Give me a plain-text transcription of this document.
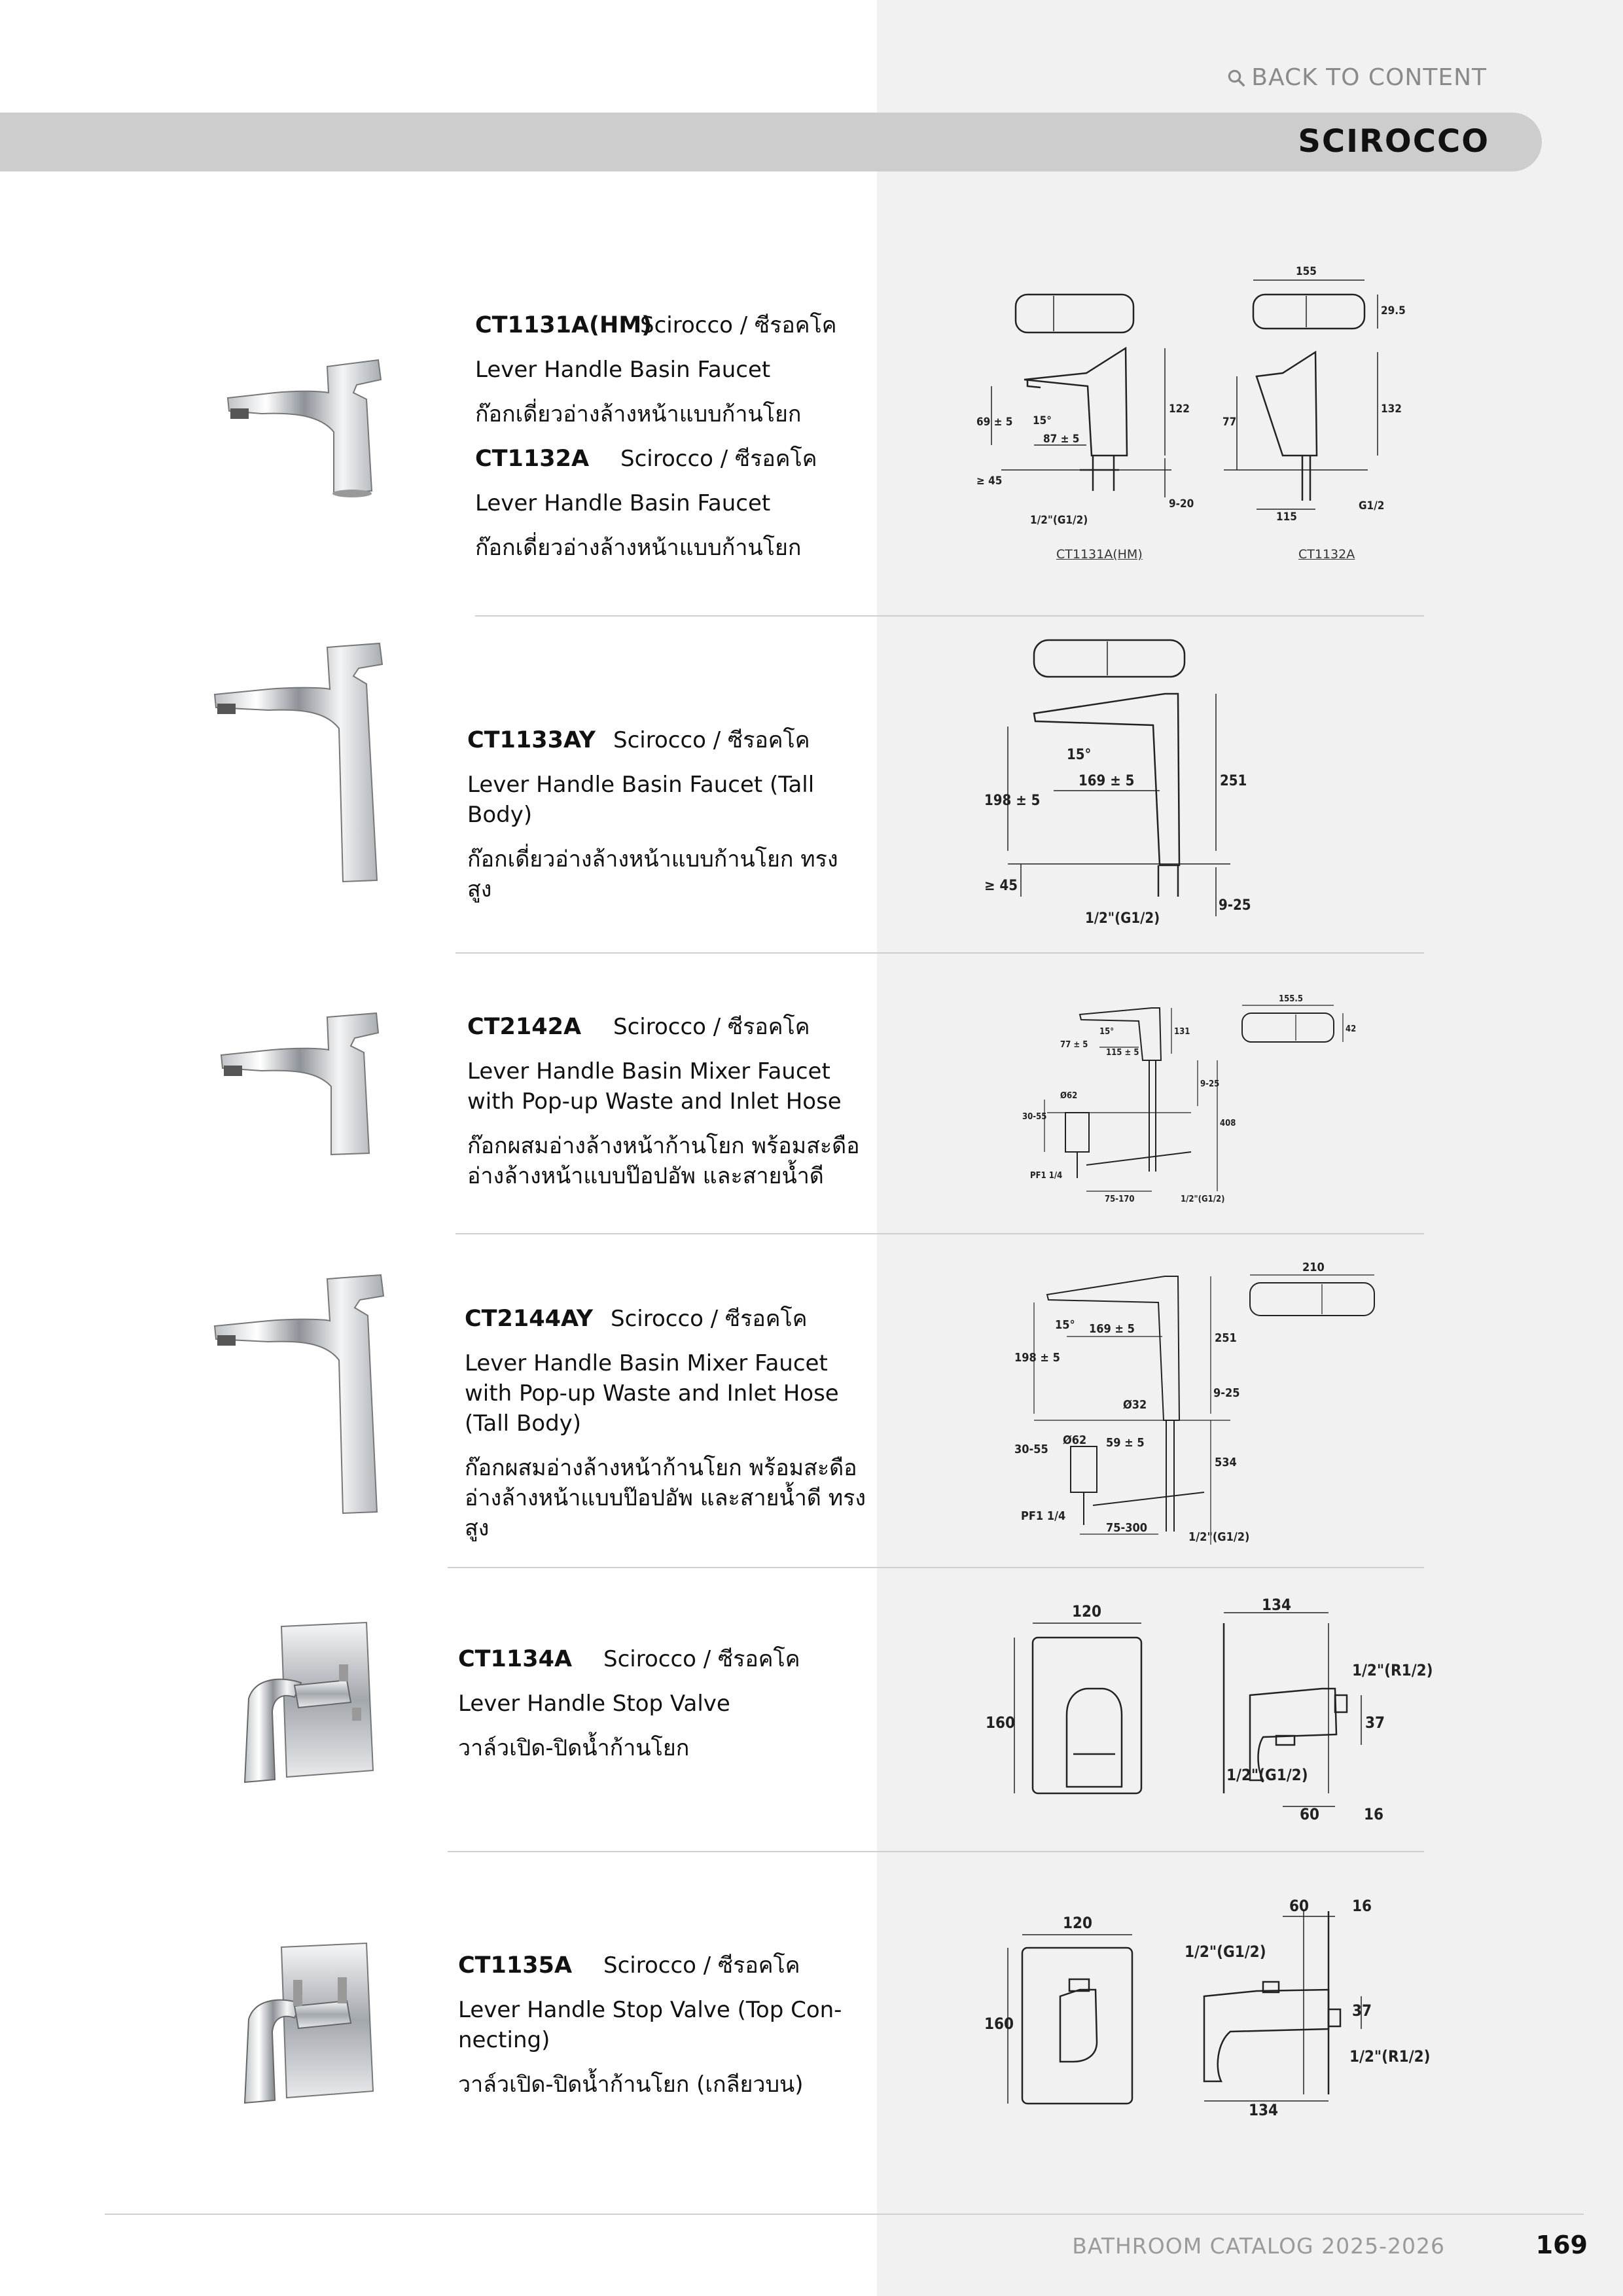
BACK TO CONTENT
SCIROCCO
CT1131A(HM)
Scirocco / ซีรอคโค
Lever Handle Basin Faucet
ก๊อกเดี่ยวอ่างล้างหน้าแบบก้านโยก
CT1132A	Scirocco / ซีรอคโค
Lever Handle Basin Faucet
ก๊อกเดี่ยวอ่างล้างหน้าแบบก้านโยก
155
29.5
122	132
69 ± 5 15°
87 ± 5
≥ 45
9-20
77
115
G1/2
1/2"(G1/2)
CT1131A(HM)	CT1132A
CT1133AY Scirocco / ซีรอคโค
Lever Handle Basin Faucet (Tall Body)
ก๊อกเดี่ยวอ่างล้างหน้าแบบก้านโยก ทรงสูง
15°
169 ± 5
198 ± 5
251
≥ 45
9-25
1/2"(G1/2)
CT2142A	Scirocco / ซีรอคโค
Lever Handle Basin Mixer Faucet
with Pop-up Waste and Inlet Hose
ก๊อกผสมอ่างล้างหน้าก้านโยก พร้อมสะดือ
อ่างล้างหน้าแบบป๊อปอัพ และสายน้ำดี
131
155.5
42
15°
77 ± 5
115 ± 5
Ø62
30-55
9-25
408
PF1 1/4
75-170	1/2"(G1/2)
CT2144AY Scirocco / ซีรอคโค
Lever Handle Basin Mixer Faucet
with Pop-up Waste and Inlet Hose
(Tall Body)
ก๊อกผสมอ่างล้างหน้าก้านโยก พร้อมสะดือ
อ่างล้างหน้าแบบป๊อปอัพ และสายน้ำดี ทรงสูง
210
15° 169 ± 5
198 ± 5
251
Ø32
9-25
Ø62 59 ± 5
30-55
534
PF1 1/4
75-300
1/2"(G1/2)
CT1134A	Scirocco / ซีรอคโค
Lever Handle Stop Valve
วาล์วเปิด-ปิดน้ำก้านโยก
120
160
134
1/2"(R1/2)
37
1/2"(G1/2)
60	16
CT1135A	Scirocco / ซีรอคโค
Lever Handle Stop Valve (Top Con-
necting)
วาล์วเปิด-ปิดน้ำก้านโยก (เกลียวบน)
120
160
60	16
1/2"(G1/2)
37
1/2"(R1/2)
134
BATHROOM CATALOG 2025-2026	169
